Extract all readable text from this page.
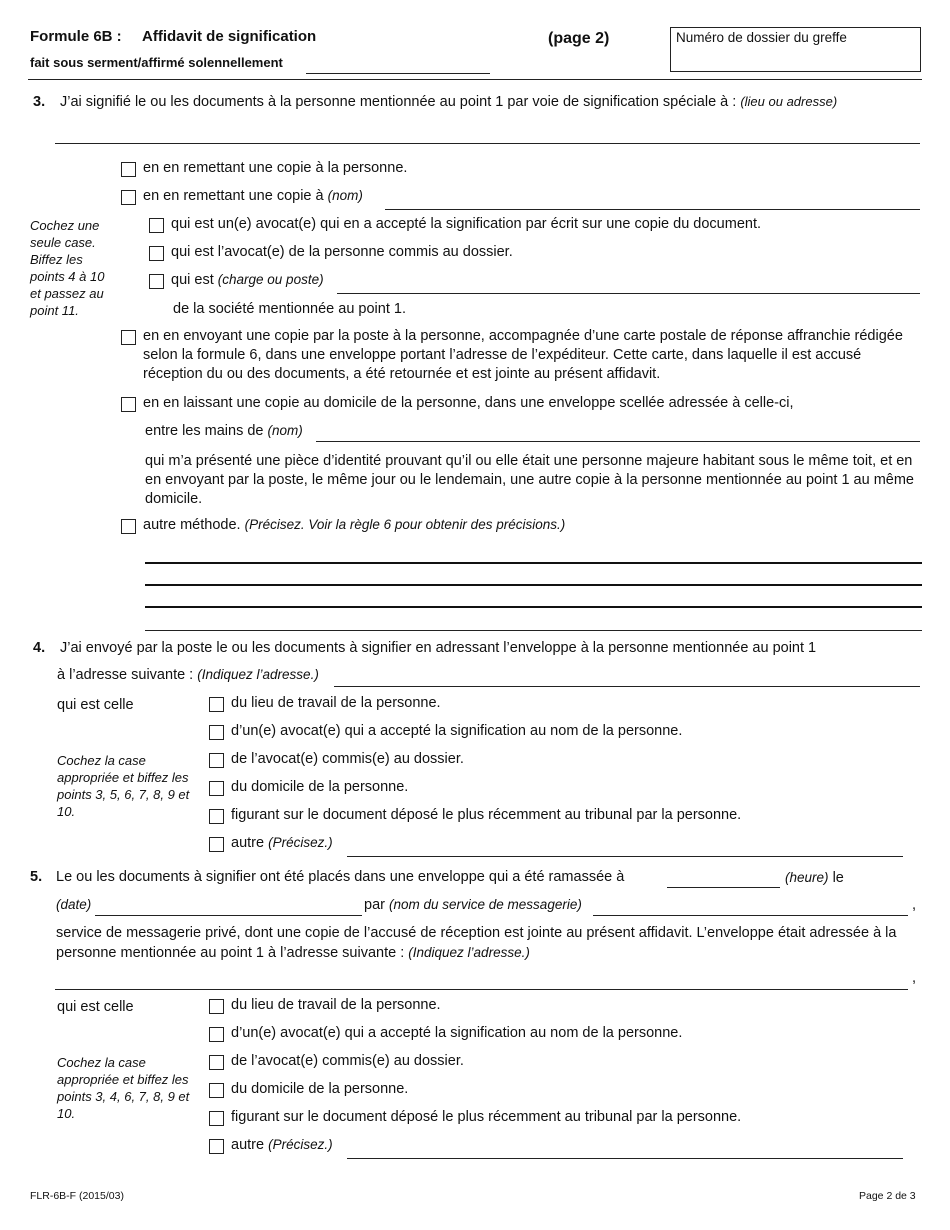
Formule 6B : Affidavit de signification	(page 2)
fait sous serment/affirmé solennellement
Numéro de dossier du greffe
3. J’ai signifié le ou les documents à la personne mentionnée au point 1 par voie de signification spéciale à : (lieu ou adresse)
Cochez une seule case. Biffez les points 4 à 10 et passez au point 11.
en en remettant une copie à la personne.
en en remettant une copie à (nom)
qui est un(e) avocat(e) qui en a accepté la signification par écrit sur une copie du document.
qui est l’avocat(e) de la personne commis au dossier.
qui est (charge ou poste)
de la société mentionnée au point 1.
en en envoyant une copie par la poste à la personne, accompagnée d’une carte postale de réponse affranchie rédigée selon la formule 6, dans une enveloppe portant l’adresse de l’expéditeur. Cette carte, dans laquelle il est accusé réception du ou des documents, a été retournée et est jointe au présent affidavit.
en en laissant une copie au domicile de la personne, dans une enveloppe scellée adressée à celle-ci,
entre les mains de (nom)
qui m’a présenté une pièce d’identité prouvant qu’il ou elle était une personne majeure habitant sous le même toit, et en en envoyant par la poste, le même jour ou le lendemain, une autre copie à la personne mentionnée au point 1 au même domicile.
autre méthode. (Précisez. Voir la règle 6 pour obtenir des précisions.)
4. J’ai envoyé par la poste le ou les documents à signifier en adressant l’enveloppe à la personne mentionnée au point 1
à l’adresse suivante : (Indiquez l’adresse.)
qui est celle
Cochez la case appropriée et biffez les points 3, 5, 6, 7, 8, 9 et 10.
du lieu de travail de la personne.
d’un(e) avocat(e) qui a accepté la signification au nom de la personne.
de l’avocat(e) commis(e) au dossier.
du domicile de la personne.
figurant sur le document déposé le plus récemment au tribunal par la personne.
autre (Précisez.)
5. Le ou les documents à signifier ont été placés dans une enveloppe qui a été ramassée à	(heure) le
(date)	par (nom du service de messagerie)	,
service de messagerie privé, dont une copie de l’accusé de réception est jointe au présent affidavit. L’enveloppe était adressée à la personne mentionnée au point 1 à l’adresse suivante : (Indiquez l’adresse.)
,
qui est celle
Cochez la case appropriée et biffez les points 3, 4, 6, 7, 8, 9 et 10.
du lieu de travail de la personne.
d’un(e) avocat(e) qui a accepté la signification au nom de la personne.
de l’avocat(e) commis(e) au dossier.
du domicile de la personne.
figurant sur le document déposé le plus récemment au tribunal par la personne.
autre (Précisez.)
FLR-6B-F (2015/03)	Page 2 de 3
